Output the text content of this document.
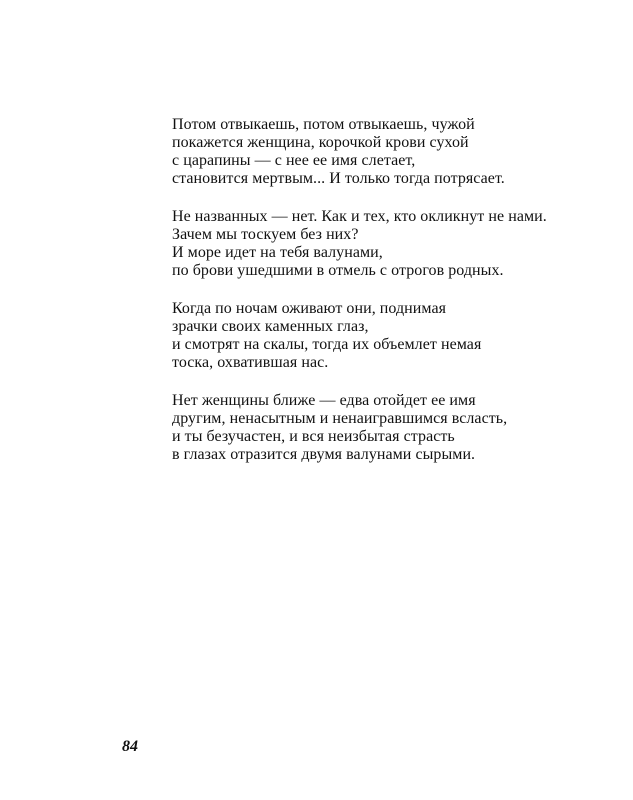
Потом отвыкаешь, потом отвыкаешь, чужой
покажется женщина, корочкой крови сухой
с царапины — с нее ее имя слетает,
становится мертвым... И только тогда потрясает.
Не названных — нет. Как и тех, кто окликнут не нами.
Зачем мы тоскуем без них?
И море идет на тебя валунами,
по брови ушедшими в отмель с отрогов родных.
Когда по ночам оживают они, поднимая
зрачки своих каменных глаз,
и смотрят на скалы, тогда их объемлет немая
тоска, охватившая нас.
Нет женщины ближе — едва отойдет ее имя
другим, ненасытным и ненаигравшимся всласть,
и ты безучастен, и вся неизбытая страсть
в глазах отразится двумя валунами сырыми.
84
